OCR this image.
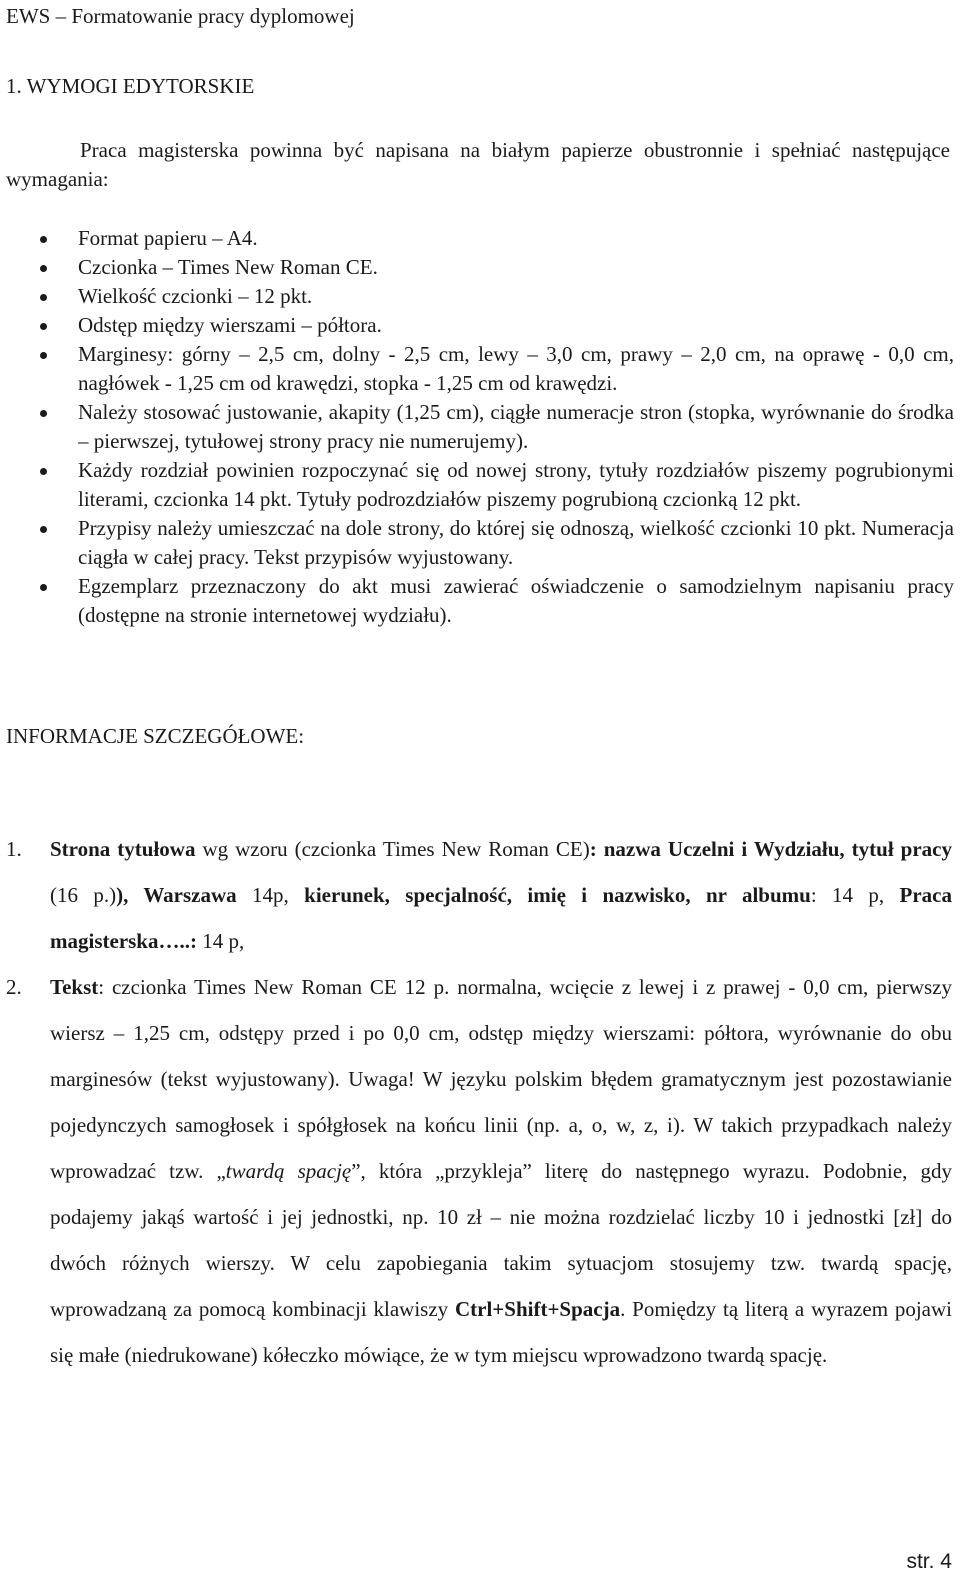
EWS – Formatowanie pracy dyplomowej
1. WYMOGI EDYTORSKIE

Praca magisterska powinna być napisana na białym papierze obustronnie i spełniać następujące wymagania:

Format papieru – A4.
Czcionka – Times New Roman CE.
Wielkość czcionki – 12 pkt.
Odstęp między wierszami – półtora.
Marginesy: górny – 2,5 cm, dolny - 2,5 cm, lewy – 3,0 cm, prawy – 2,0 cm, na oprawę - 0,0 cm, nagłówek - 1,25 cm od krawędzi, stopka - 1,25 cm od krawędzi.
Należy stosować justowanie, akapity (1,25 cm), ciągłe numeracje stron (stopka, wyrównanie do środka – pierwszej, tytułowej strony pracy nie numerujemy).
Każdy rozdział powinien rozpoczynać się od nowej strony, tytuły rozdziałów piszemy pogrubionymi literami, czcionka 14 pkt. Tytuły podrozdziałów piszemy pogrubioną czcionką 12 pkt.
Przypisy należy umieszczać na dole strony, do której się odnoszą, wielkość czcionki 10 pkt. Numeracja ciągła w całej pracy. Tekst przypisów wyjustowany.
Egzemplarz przeznaczony do akt musi zawierać oświadczenie o samodzielnym napisaniu pracy (dostępne na stronie internetowej wydziału).
INFORMACJE SZCZEGÓŁOWE:
1. Strona tytułowa wg wzoru (czcionka Times New Roman CE): nazwa Uczelni i Wydziału, tytuł pracy (16 p.)), Warszawa 14p, kierunek, specjalność, imię i nazwisko, nr albumu: 14 p, Praca magisterska…..: 14 p,
2. Tekst: czcionka Times New Roman CE 12 p. normalna, wcięcie z lewej i z prawej - 0,0 cm, pierwszy wiersz – 1,25 cm, odstępy przed i po 0,0 cm, odstęp między wierszami: półtora, wyrównanie do obu marginesów (tekst wyjustowany). Uwaga! W języku polskim błędem gramatycznym jest pozostawianie pojedynczych samogłosek i spółgłosek na końcu linii (np. a, o, w, z, i). W takich przypadkach należy wprowadzać tzw. „twardą spację”, która „przykleja” literę do następnego wyrazu. Podobnie, gdy podajemy jakąś wartość i jej jednostki, np. 10 zł – nie można rozdzielać liczby 10 i jednostki [zł] do dwóch różnych wierszy. W celu zapobiegania takim sytuacjom stosujemy tzw. twardą spację, wprowadzaną za pomocą kombinacji klawiszy Ctrl+Shift+Spacja. Pomiędzy tą literą a wyrazem pojawi się małe (niedrukowane) kółeczko mówiące, że w tym miejscu wprowadzono twardą spację.
str. 4
